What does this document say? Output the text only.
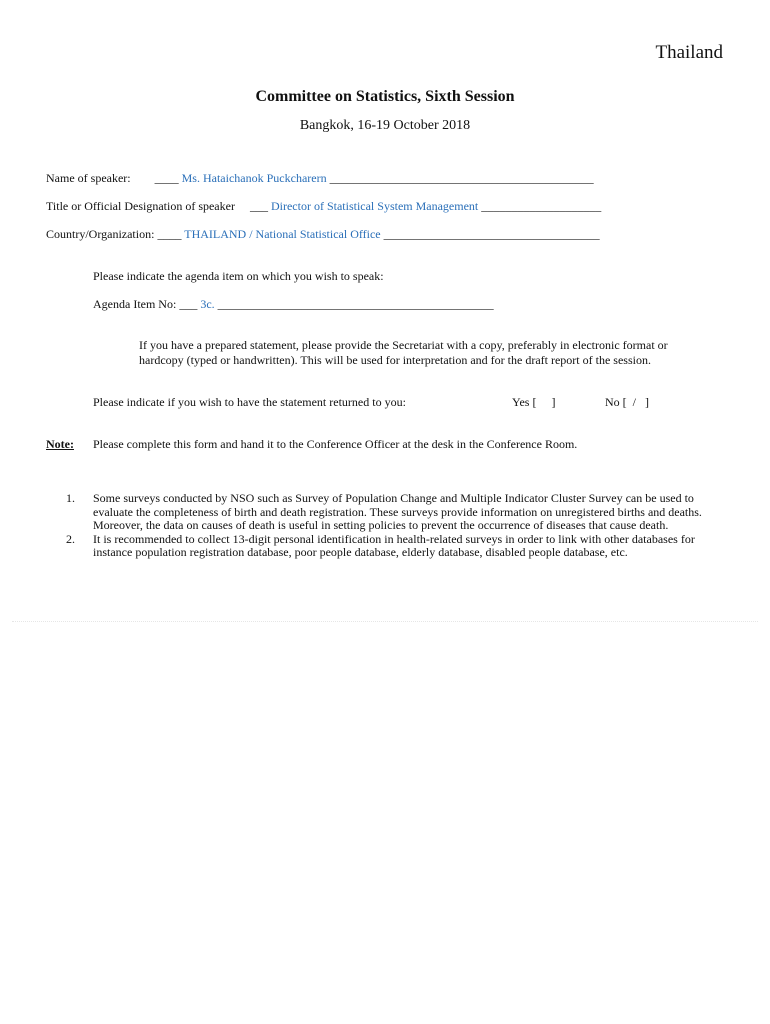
Thailand
Committee on Statistics, Sixth Session
Bangkok, 16-19 October 2018
Name of speaker: ____ Ms. Hataichanok Puckcharern ____________________________________________
Title or Official Designation of speaker ___ Director of Statistical System Management ____________________
Country/Organization: ____ THAILAND / National Statistical Office ____________________________________
Please indicate the agenda item on which you wish to speak:
Agenda Item No: ___ 3c. ______________________________________________
If you have a prepared statement, please provide the Secretariat with a copy, preferably in electronic format or
hardcopy (typed or handwritten). This will be used for interpretation and for the draft report of the session.
Please indicate if you wish to have the statement returned to you:	Yes [     ]	No [  /   ]
Note: Please complete this form and hand it to the Conference Officer at the desk in the Conference Room.
1.	Some surveys conducted by NSO such as Survey of Population Change and Multiple Indicator Cluster Survey can be used to evaluate the completeness of birth and death registration. These surveys provide information on unregistered births and deaths. Moreover, the data on causes of death is useful in setting policies to prevent the occurrence of diseases that cause death.
2.	It is recommended to collect 13-digit personal identification in health-related surveys in order to link with other databases for instance population registration database, poor people database, elderly database, disabled people database, etc.
